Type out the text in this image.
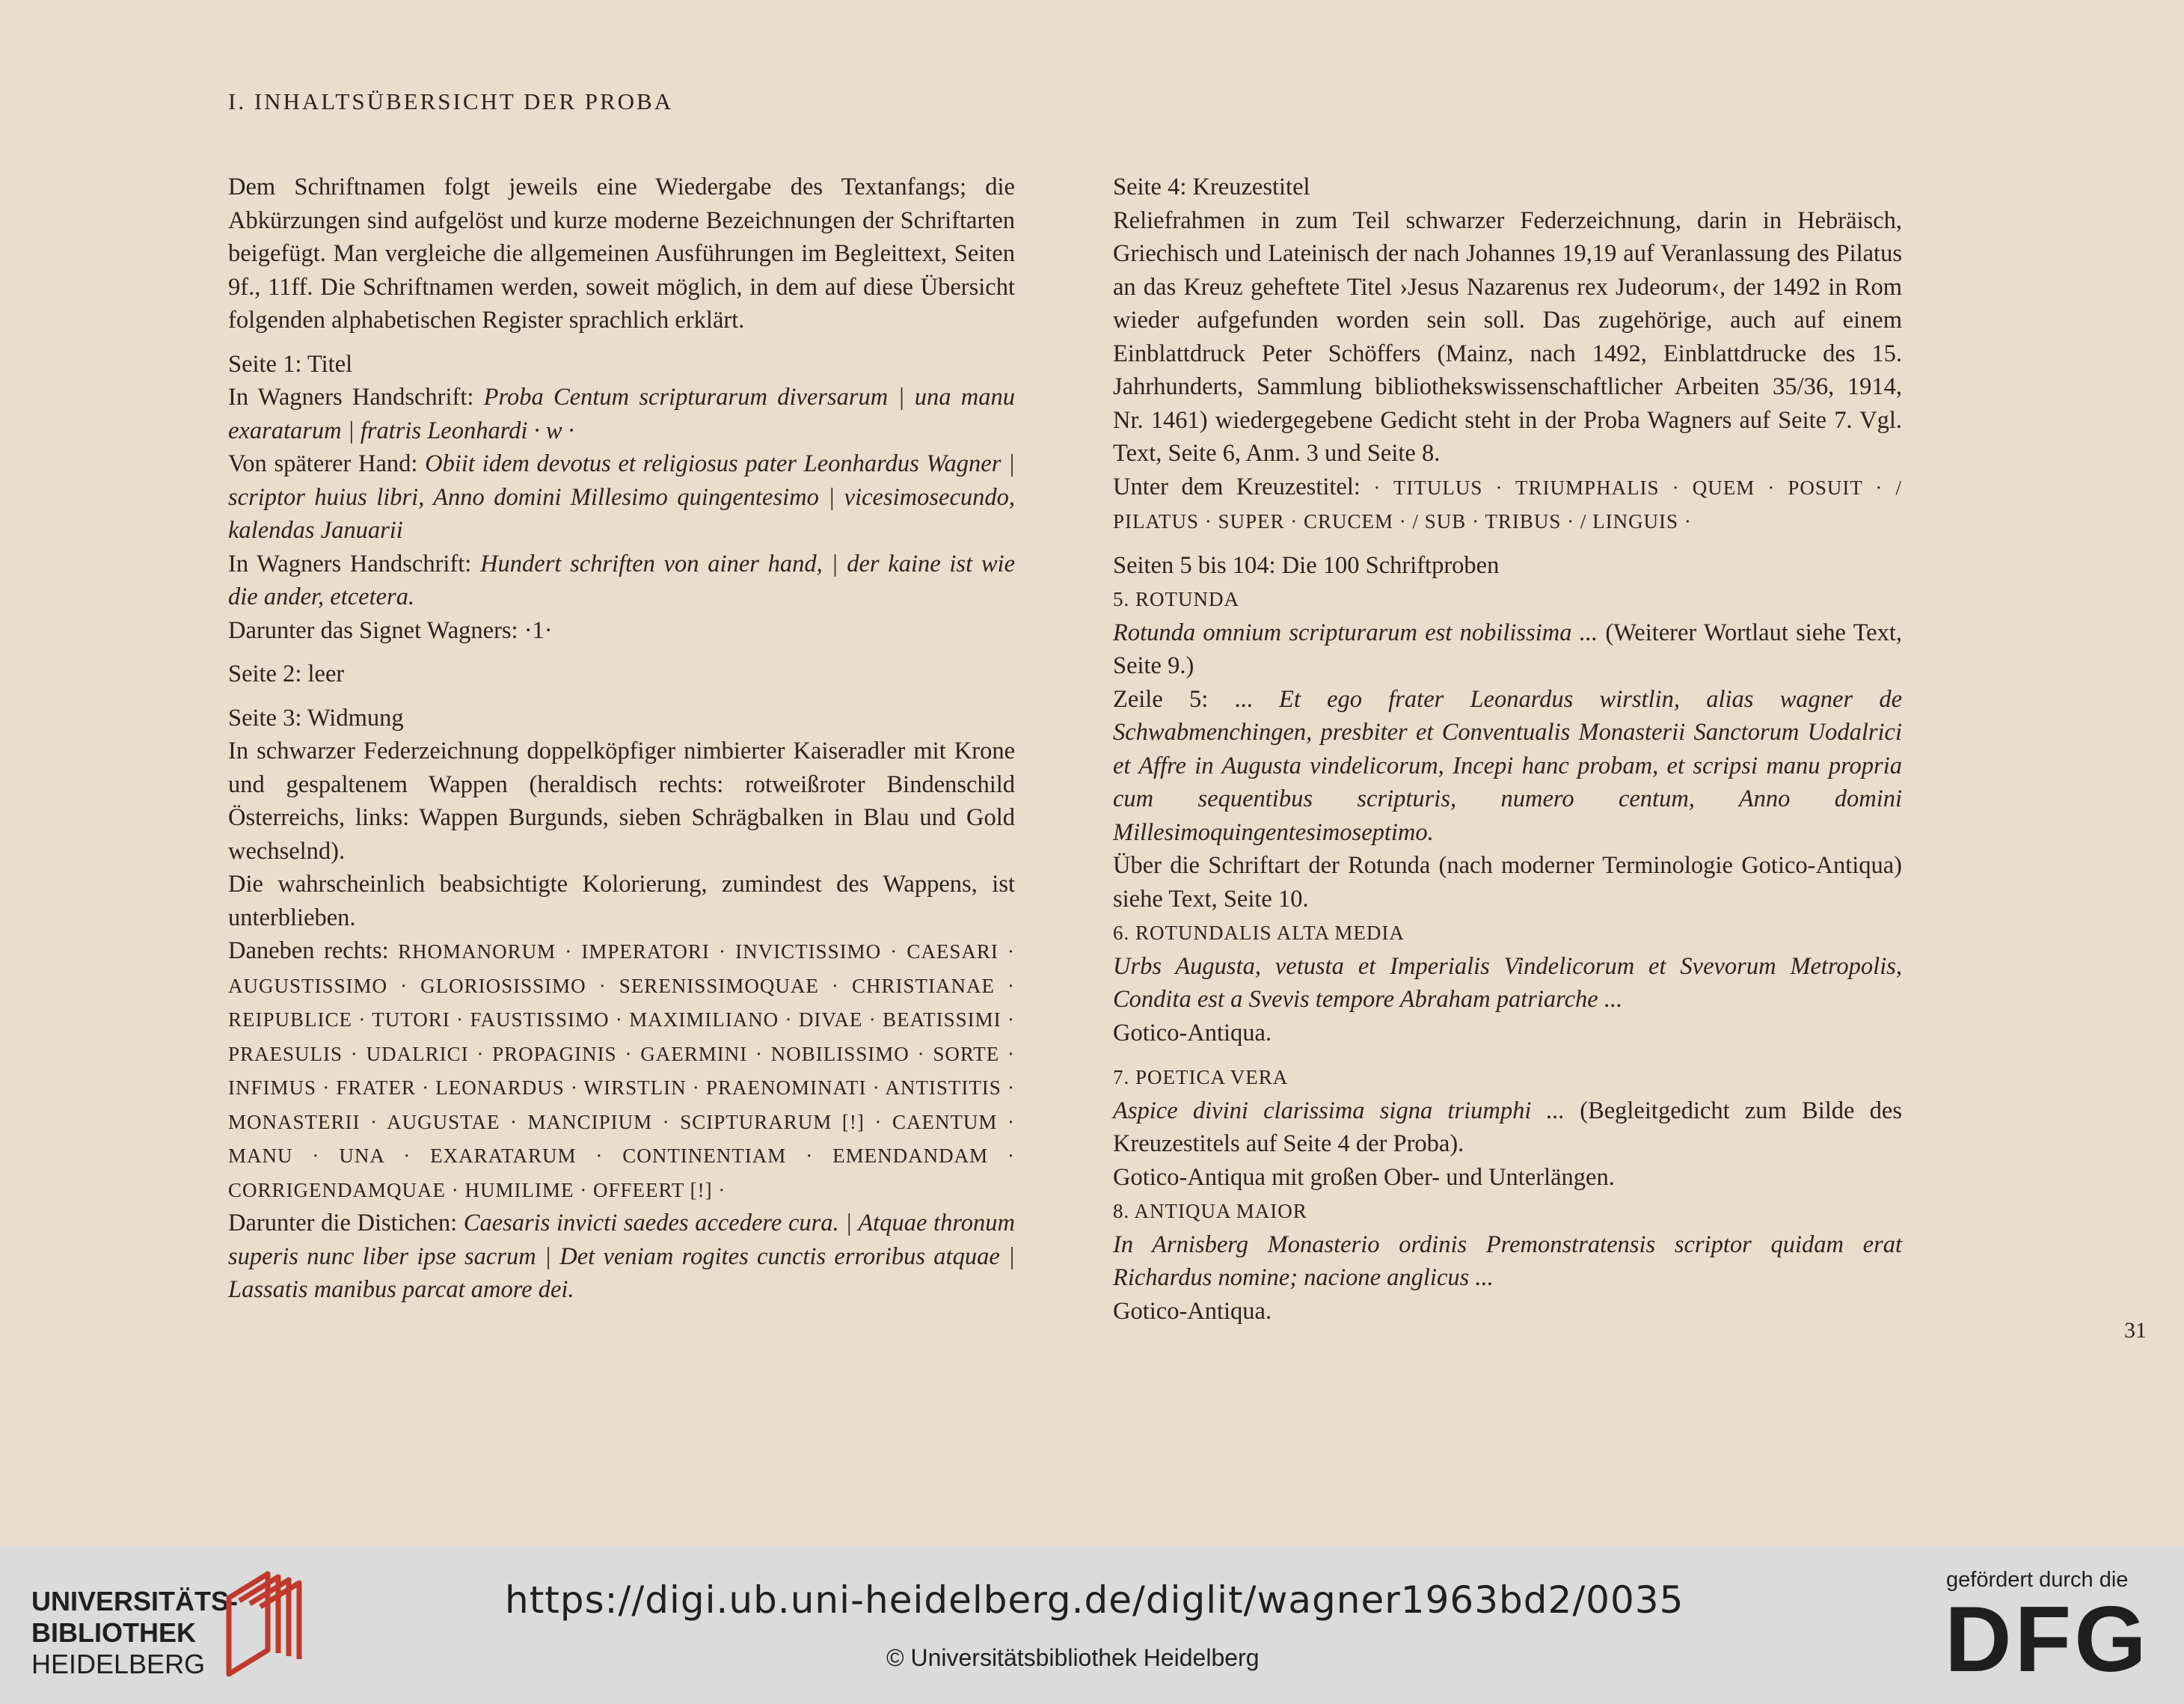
I. INHALTSÜBERSICHT DER PROBA

Dem Schriftnamen folgt jeweils eine Wiedergabe des Textanfangs; die Abkürzungen sind aufgelöst und kurze moderne Bezeichnungen der Schriftarten beigefügt. Man vergleiche die allgemeinen Ausführungen im Begleittext, Seiten 9f., 11ff. Die Schriftnamen werden, soweit möglich, in dem auf diese Übersicht folgenden alphabetischen Register sprachlich erklärt.

Seite 1: Titel

In Wagners Handschrift: Proba Centum scripturarum diversarum | una manu exaratarum | fratris Leonhardi · w ·

Von späterer Hand: Obiit idem devotus et religiosus pater Leonhardus Wagner | scriptor huius libri, Anno domini Millesimo quingentesimo | vicesimosecundo, kalendas Januarii

In Wagners Handschrift: Hundert schriften von ainer hand, | der kaine ist wie die ander, etcetera.

Darunter das Signet Wagners: ·1·

Seite 2: leer

Seite 3: Widmung

In schwarzer Federzeichnung doppelköpfiger nimbierter Kaiseradler mit Krone und gespaltenem Wappen (heraldisch rechts: rotweißroter Bindenschild Österreichs, links: Wappen Burgunds, sieben Schrägbalken in Blau und Gold wechselnd).

Die wahrscheinlich beabsichtigte Kolorierung, zumindest des Wappens, ist unterblieben.

Daneben rechts: RHOMANORUM · IMPERATORI · INVICTISSIMO · CAESARI · AUGUSTISSIMO · GLORIOSISSIMO · SERENISSIMOQUAE · CHRISTIANAE · REIPUBLICE · TUTORI · FAUSTISSIMO · MAXIMILIANO · DIVAE · BEATISSIMI · PRAESULIS · UDALRICI · PROPAGINIS · GAERMINI · NOBILISSIMO · SORTE · INFIMUS · FRATER · LEONARDUS · WIRSTLIN · PRAENOMINATI · ANTISTITIS · MONASTERII · AUGUSTAE · MANCIPIUM · SCIPTURARUM [!] · CAENTUM · MANU · UNA · EXARATARUM · CONTINENTIAM · EMENDANDAM · CORRIGENDAMQUAE · HUMILIME · OFFEERT [!] ·

Darunter die Distichen: Caesaris invicti saedes accedere cura. | Atquae thronum superis nunc liber ipse sacrum | Det veniam rogites cunctis erroribus atquae | Lassatis manibus parcat amore dei.

Seite 4: Kreuzestitel

Reliefrahmen in zum Teil schwarzer Federzeichnung, darin in Hebräisch, Griechisch und Lateinisch der nach Johannes 19,19 auf Veranlassung des Pilatus an das Kreuz geheftete Titel ›Jesus Nazarenus rex Judeorum‹, der 1492 in Rom wieder aufgefunden worden sein soll. Das zugehörige, auch auf einem Einblattdruck Peter Schöffers (Mainz, nach 1492, Einblattdrucke des 15. Jahrhunderts, Sammlung bibliothekswissenschaftlicher Arbeiten 35/36, 1914, Nr. 1461) wiedergegebene Gedicht steht in der Proba Wagners auf Seite 7. Vgl. Text, Seite 6, Anm. 3 und Seite 8.

Unter dem Kreuzestitel: · TITULUS · TRIUMPHALIS · QUEM · POSUIT · / PILATUS · SUPER · CRUCEM · / SUB · TRIBUS · / LINGUIS ·

Seiten 5 bis 104: Die 100 Schriftproben

5. ROTUNDA

Rotunda omnium scripturarum est nobilissima ... (Weiterer Wortlaut siehe Text, Seite 9.)

Zeile 5: ... Et ego frater Leonardus wirstlin, alias wagner de Schwabmenchingen, presbiter et Conventualis Monasterii Sanctorum Uodalrici et Affre in Augusta vindelicorum, Incepi hanc probam, et scripsi manu propria cum sequentibus scripturis, numero centum, Anno domini Millesimoquingentesimoseptimo.

Über die Schriftart der Rotunda (nach moderner Terminologie Gotico-Antiqua) siehe Text, Seite 10.

6. ROTUNDALIS ALTA MEDIA

Urbs Augusta, vetusta et Imperialis Vindelicorum et Svevorum Metropolis, Condita est a Svevis tempore Abraham patriarche ...

Gotico-Antiqua.

7. POETICA VERA

Aspice divini clarissima signa triumphi ... (Begleitgedicht zum Bilde des Kreuzestitels auf Seite 4 der Proba).

Gotico-Antiqua mit großen Ober- und Unterlängen.

8. ANTIQUA MAIOR

In Arnisberg Monasterio ordinis Premonstratensis scriptor quidam erat Richardus nomine; nacione anglicus ...

Gotico-Antiqua.

31
UNIVERSITÄTS-
BIBLIOTHEK
HEIDELBERG
https://digi.ub.uni-heidelberg.de/diglit/wagner1963bd2/0035
© Universitätsbibliothek Heidelberg
gefördert durch die
DFG
